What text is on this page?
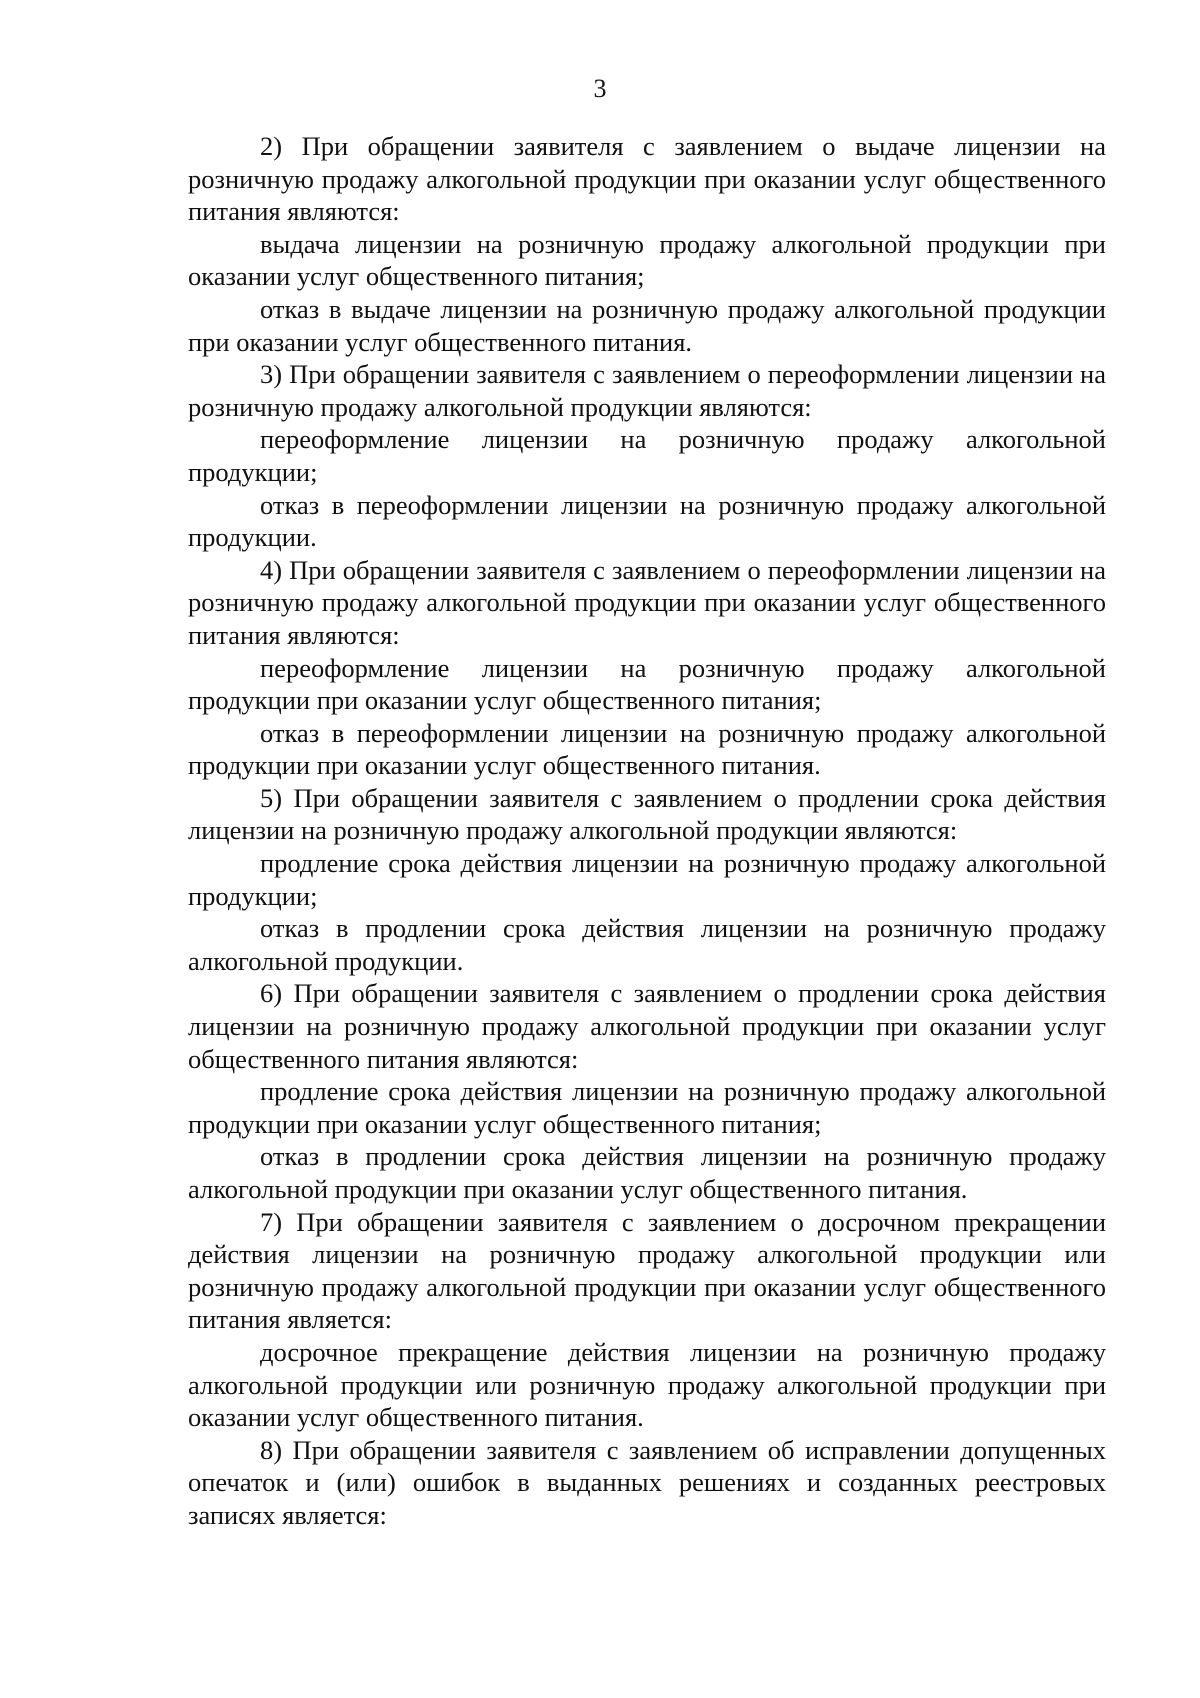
3

2) При обращении заявителя с заявлением о выдаче лицензии на розничную продажу алкогольной продукции при оказании услуг общественного питания являются:

выдача лицензии на розничную продажу алкогольной продукции при оказании услуг общественного питания;

отказ в выдаче лицензии на розничную продажу алкогольной продукции при оказании услуг общественного питания.

3) При обращении заявителя с заявлением о переоформлении лицензии на розничную продажу алкогольной продукции являются:

переоформление лицензии на розничную продажу алкогольной продукции;

отказ в переоформлении лицензии на розничную продажу алкогольной продукции.

4) При обращении заявителя с заявлением о переоформлении лицензии на розничную продажу алкогольной продукции при оказании услуг общественного питания являются:

переоформление лицензии на розничную продажу алкогольной продукции при оказании услуг общественного питания;

отказ в переоформлении лицензии на розничную продажу алкогольной продукции при оказании услуг общественного питания.

5) При обращении заявителя с заявлением о продлении срока действия лицензии на розничную продажу алкогольной продукции являются:

продление срока действия лицензии на розничную продажу алкогольной продукции;

отказ в продлении срока действия лицензии на розничную продажу алкогольной продукции.

6) При обращении заявителя с заявлением о продлении срока действия лицензии на розничную продажу алкогольной продукции при оказании услуг общественного питания являются:

продление срока действия лицензии на розничную продажу алкогольной продукции при оказании услуг общественного питания;

отказ в продлении срока действия лицензии на розничную продажу алкогольной продукции при оказании услуг общественного питания.

7) При обращении заявителя с заявлением о досрочном прекращении действия лицензии на розничную продажу алкогольной продукции или розничную продажу алкогольной продукции при оказании услуг общественного питания является:

досрочное прекращение действия лицензии на розничную продажу алкогольной продукции или розничную продажу алкогольной продукции при оказании услуг общественного питания.

8) При обращении заявителя с заявлением об исправлении допущенных опечаток и (или) ошибок в выданных решениях и созданных реестровых записях является:
